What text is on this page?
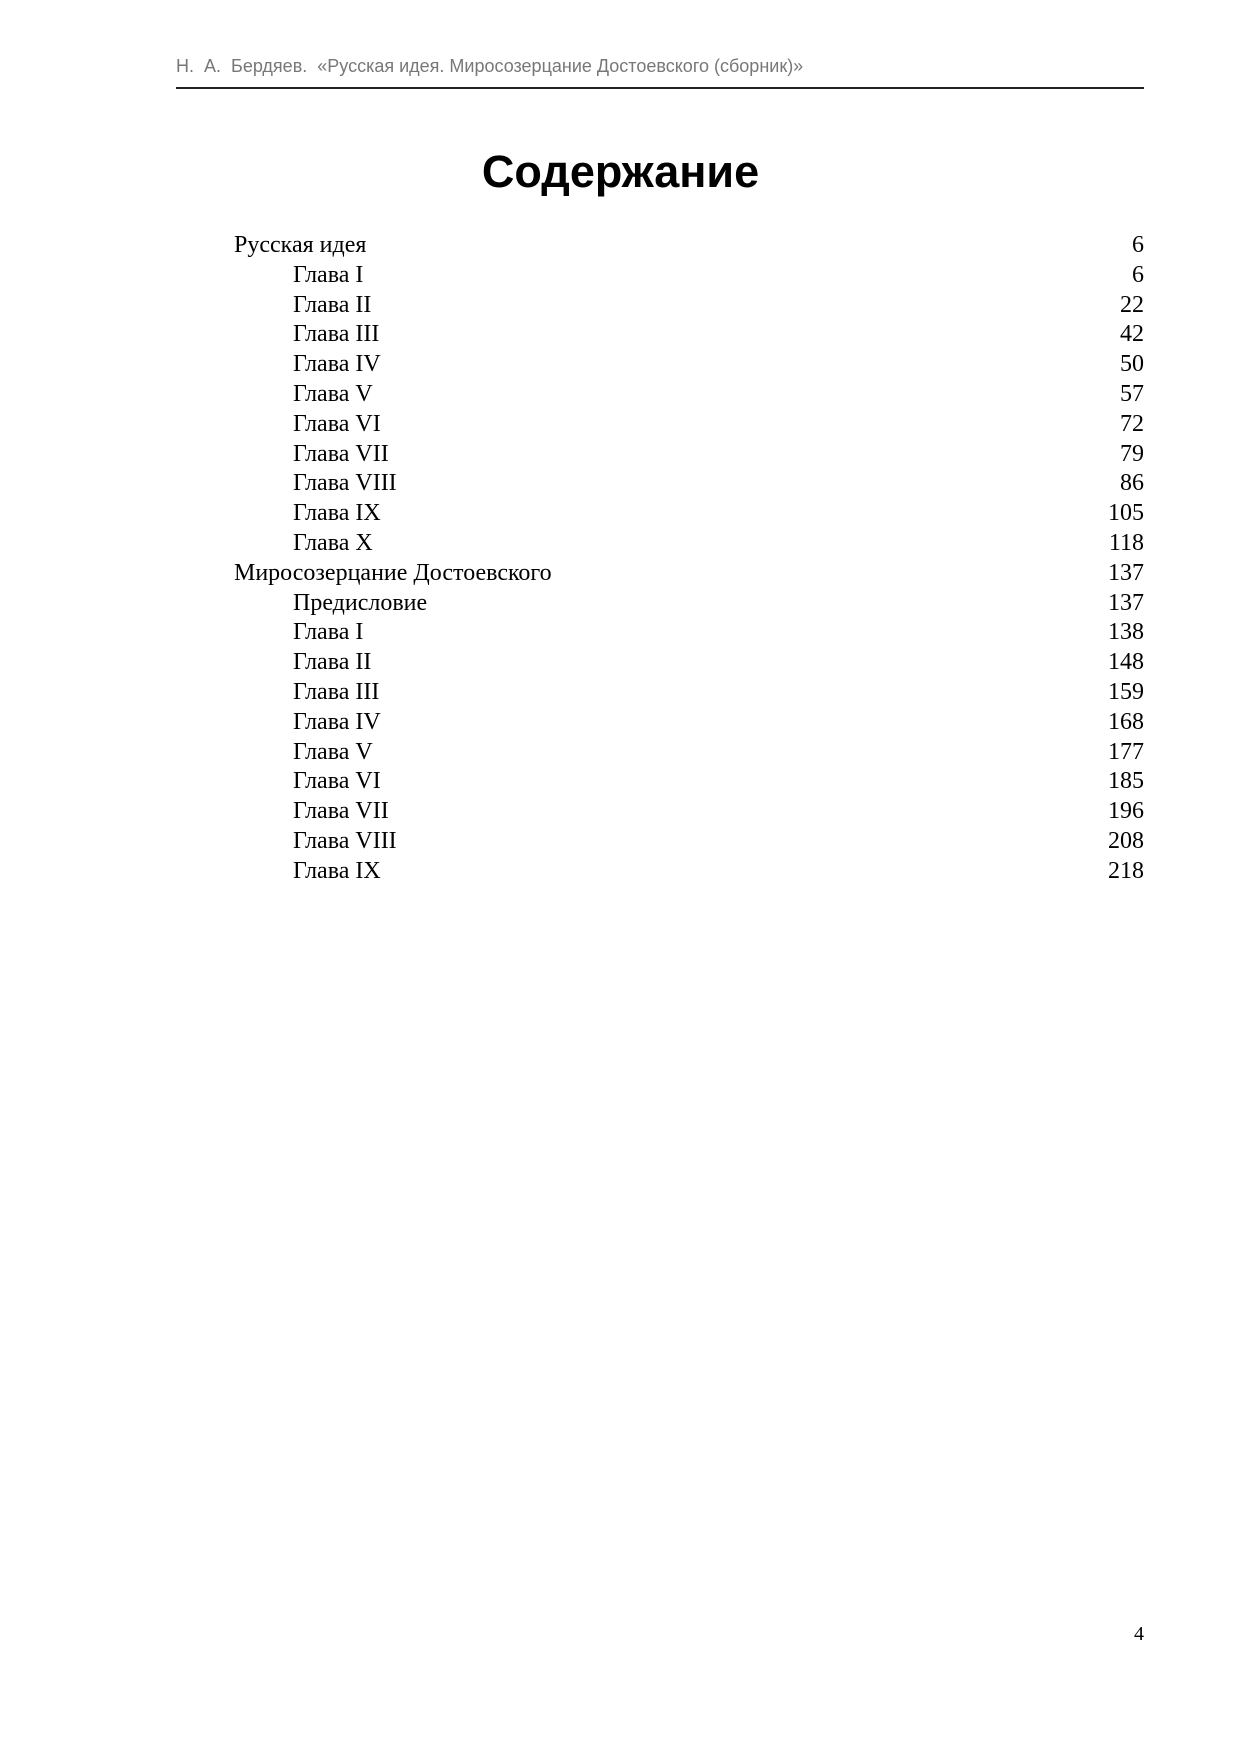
Н.  А.  Бердяев.  «Русская идея. Миросозерцание Достоевского (сборник)»
Содержание
Русская идея	6
Глава I	6
Глава II	22
Глава III	42
Глава IV	50
Глава V	57
Глава VI	72
Глава VII	79
Глава VIII	86
Глава IX	105
Глава X	118
Миросозерцание Достоевского	137
Предисловие	137
Глава I	138
Глава II	148
Глава III	159
Глава IV	168
Глава V	177
Глава VI	185
Глава VII	196
Глава VIII	208
Глава IX	218
4
